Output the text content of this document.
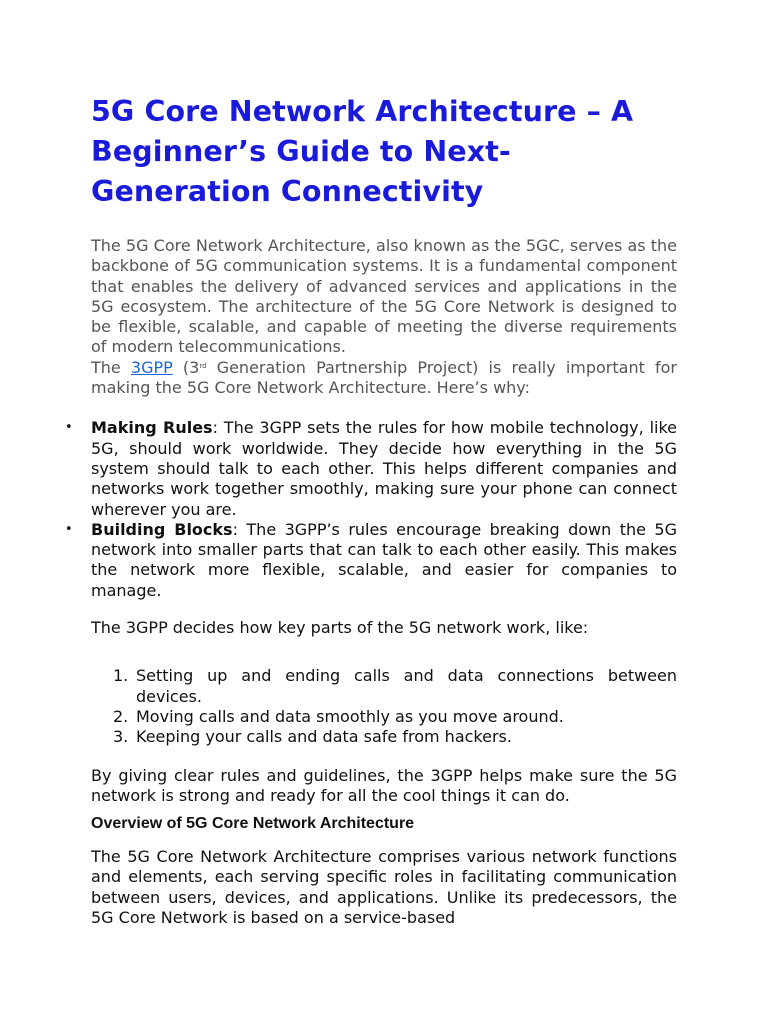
5G Core Network Architecture – A Beginner’s Guide to Next-Generation Connectivity

The 5G Core Network Architecture, also known as the 5GC, serves as the backbone of 5G communication systems. It is a fundamental component that enables the delivery of advanced services and applications in the 5G ecosystem. The architecture of the 5G Core Network is designed to be flexible, scalable, and capable of meeting the diverse requirements of modern telecommunications.

The 3GPP (3rd Generation Partnership Project) is really important for making the 5G Core Network Architecture. Here’s why:

• Making Rules: The 3GPP sets the rules for how mobile technology, like 5G, should work worldwide. They decide how everything in the 5G system should talk to each other. This helps different companies and networks work together smoothly, making sure your phone can connect wherever you are.
• Building Blocks: The 3GPP’s rules encourage breaking down the 5G network into smaller parts that can talk to each other easily. This makes the network more flexible, scalable, and easier for companies to manage.

The 3GPP decides how key parts of the 5G network work, like:

1. Setting up and ending calls and data connections between devices.
2. Moving calls and data smoothly as you move around.
3. Keeping your calls and data safe from hackers.

By giving clear rules and guidelines, the 3GPP helps make sure the 5G network is strong and ready for all the cool things it can do.

Overview of 5G Core Network Architecture

The 5G Core Network Architecture comprises various network functions and elements, each serving specific roles in facilitating communication between users, devices, and applications. Unlike its predecessors, the 5G Core Network is based on a service-based
